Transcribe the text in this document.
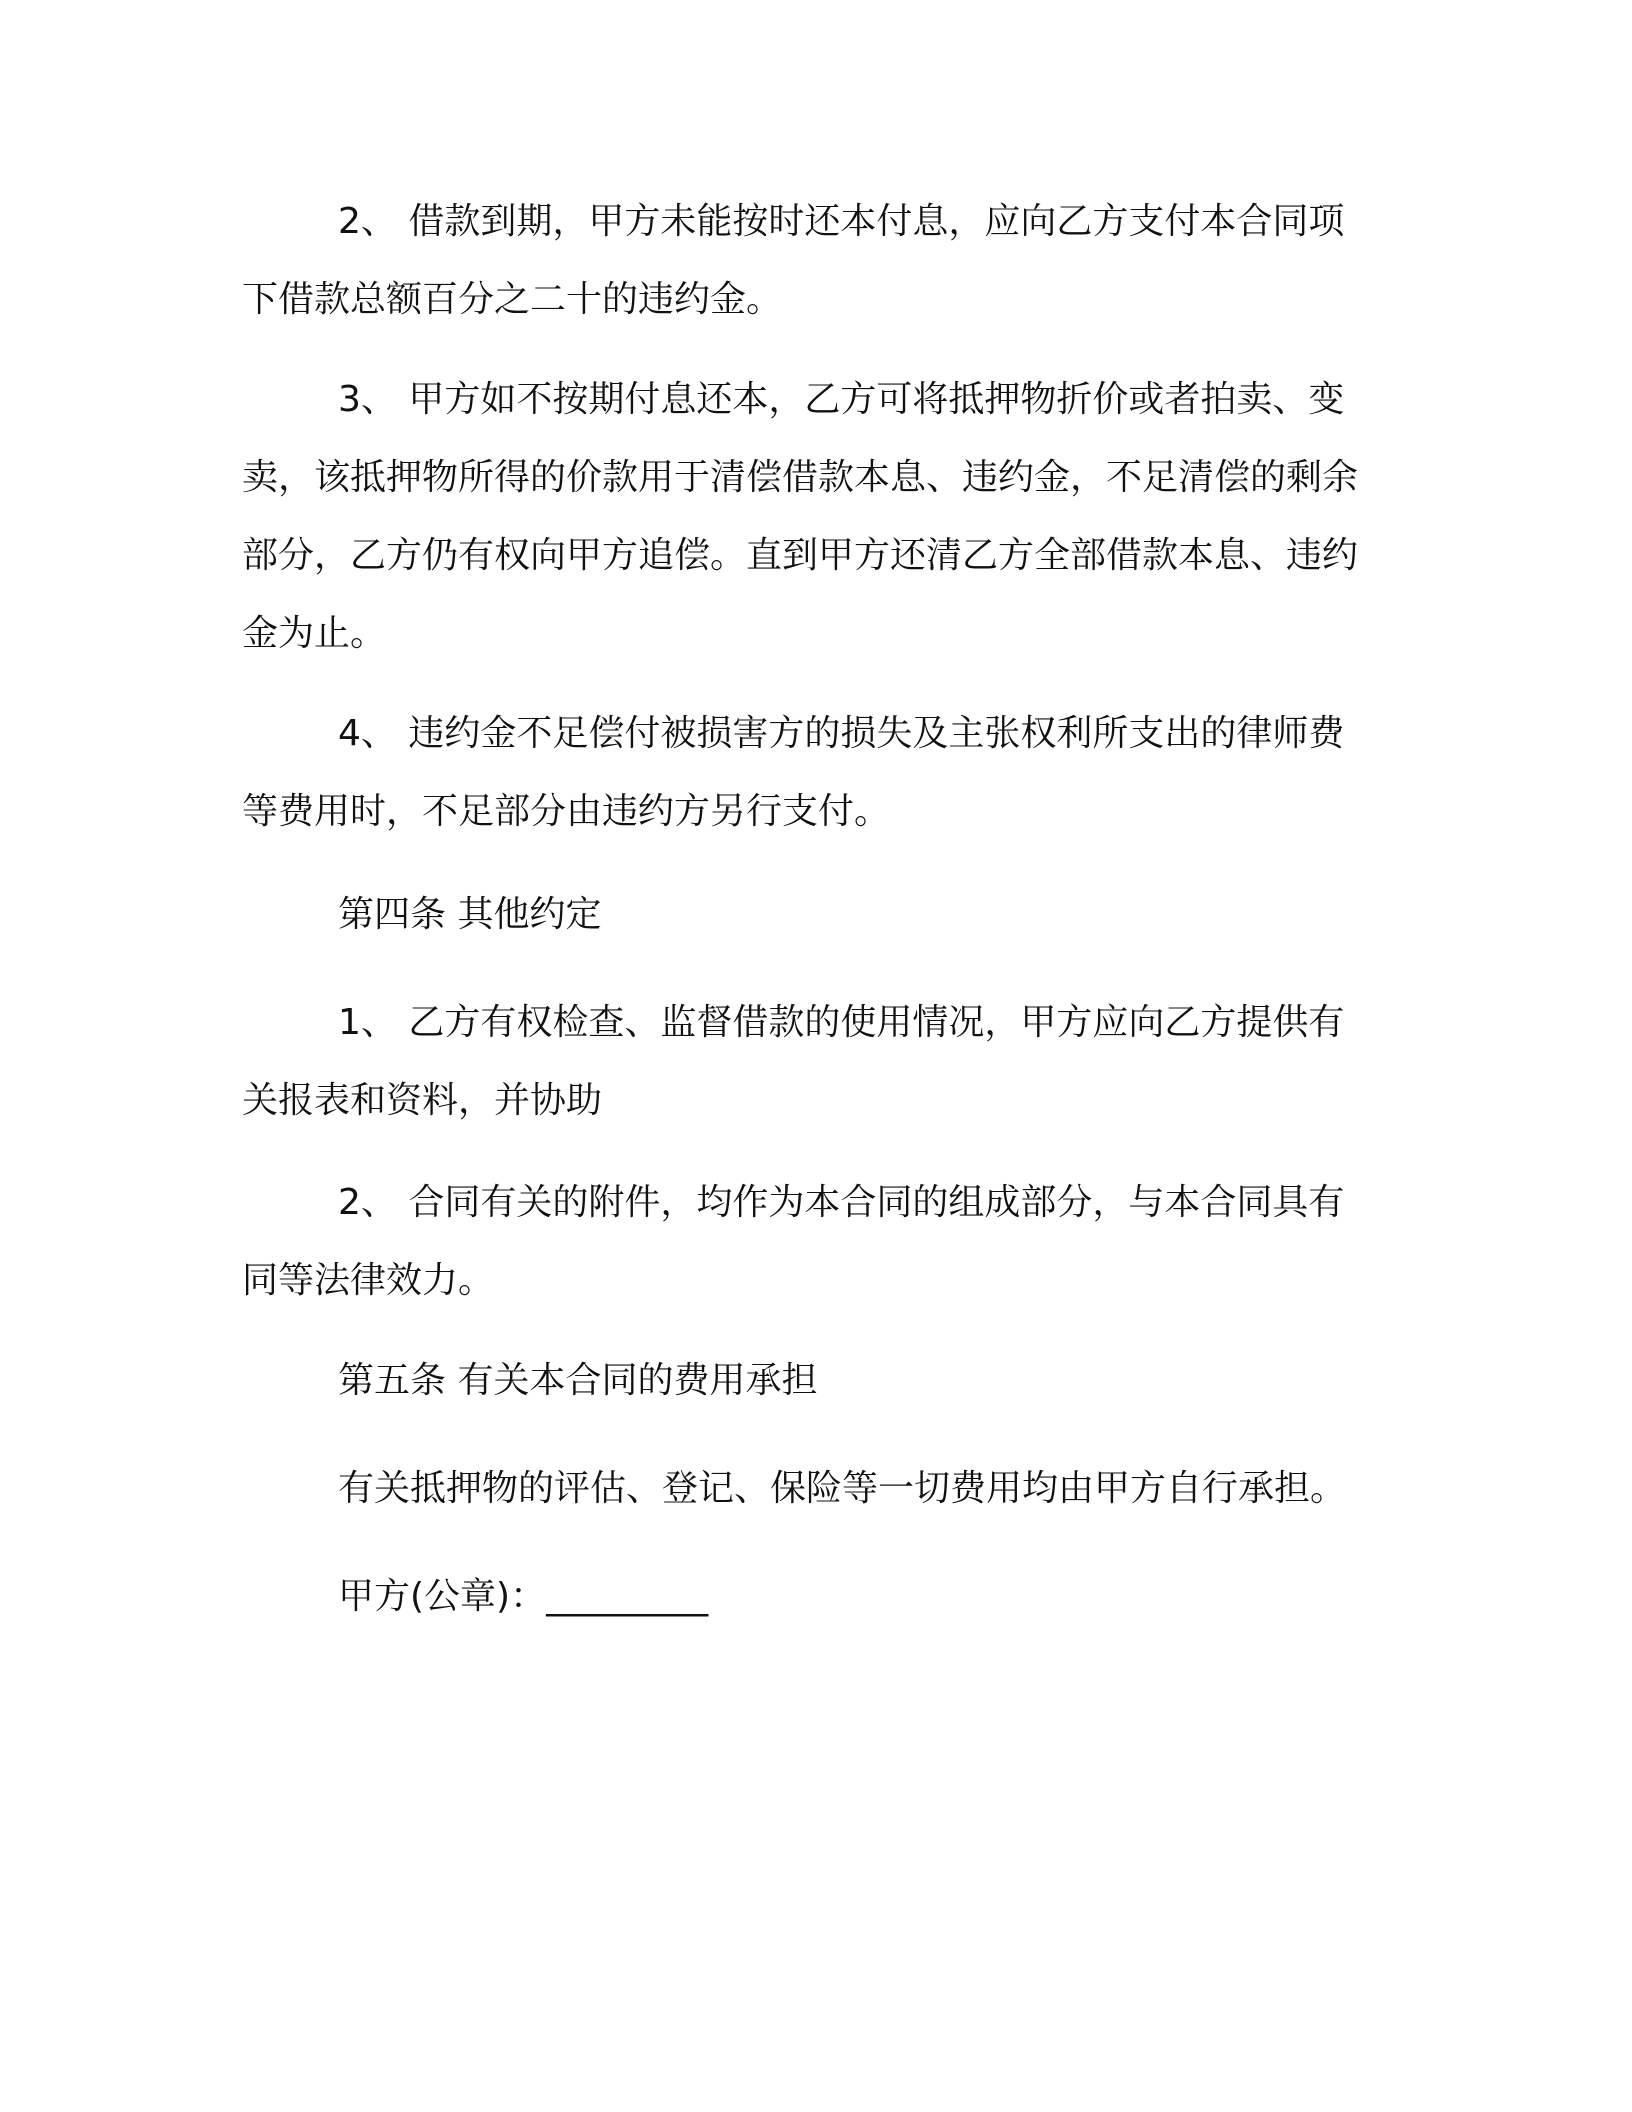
2、 借款到期，甲方未能按时还本付息，应向乙方支付本合同项下借款总额百分之二十的违约金。

3、 甲方如不按期付息还本，乙方可将抵押物折价或者拍卖、变卖，该抵押物所得的价款用于清偿借款本息、违约金，不足清偿的剩余部分，乙方仍有权向甲方追偿。直到甲方还清乙方全部借款本息、违约金为止。

4、 违约金不足偿付被损害方的损失及主张权利所支出的律师费等费用时，不足部分由违约方另行支付。

第四条 其他约定

1、 乙方有权检查、监督借款的使用情况，甲方应向乙方提供有关报表和资料，并协助

2、 合同有关的附件，均作为本合同的组成部分，与本合同具有同等法律效力。

第五条 有关本合同的费用承担

有关抵押物的评估、登记、保险等一切费用均由甲方自行承担。

甲方(公章)：_________
